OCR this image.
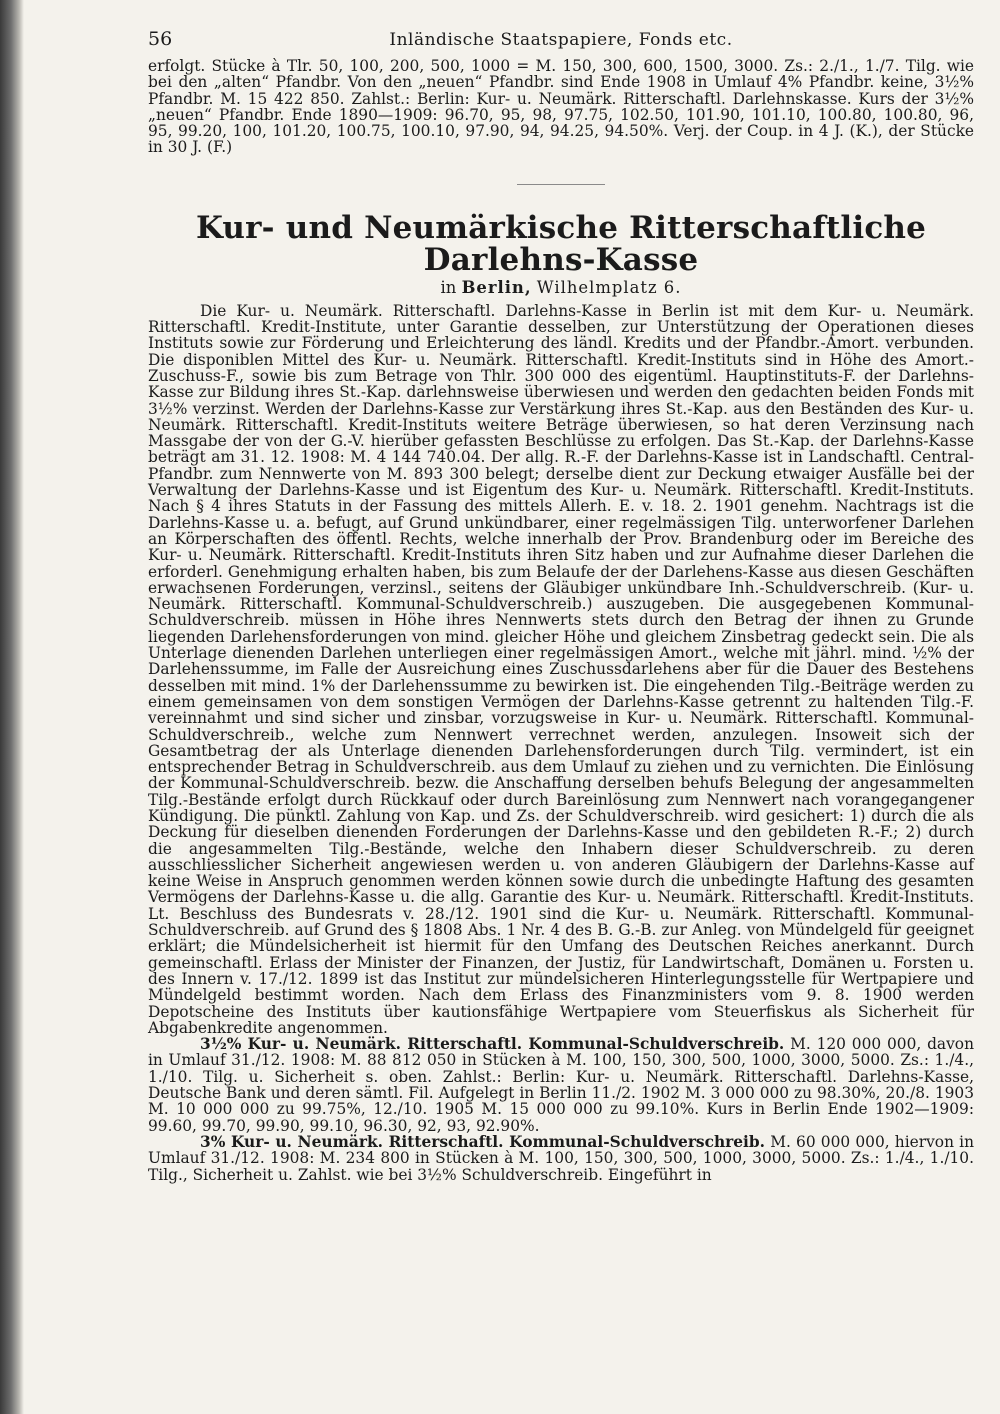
56	Inländische Staatspapiere, Fonds etc.

erfolgt. Stücke à Tlr. 50, 100, 200, 500, 1000 = M. 150, 300, 600, 1500, 3000. Zs.: 2./1., 1./7. Tilg. wie bei den „alten“ Pfandbr. Von den „neuen“ Pfandbr. sind Ende 1908 in Umlauf 4% Pfandbr. keine, 3½% Pfandbr. M. 15 422 850. Zahlst.: Berlin: Kur- u. Neumärk. Ritterschaftl. Darlehnskasse. Kurs der 3½% „neuen“ Pfandbr. Ende 1890—1909: 96.70, 95, 98, 97.75, 102.50, 101.90, 101.10, 100.80, 100.80, 96, 95, 99.20, 100, 101.20, 100.75, 100.10, 97.90, 94, 94.25, 94.50%. Verj. der Coup. in 4 J. (K.), der Stücke in 30 J. (F.)

Kur- und Neumärkische Ritterschaftliche Darlehns-Kasse
in Berlin, Wilhelmplatz 6.

Die Kur- u. Neumärk. Ritterschaftl. Darlehns-Kasse in Berlin ist mit dem Kur- u. Neumärk. Ritterschaftl. Kredit-Institute, unter Garantie desselben, zur Unterstützung der Operationen dieses Instituts sowie zur Förderung und Erleichterung des ländl. Kredits und der Pfandbr.-Amort. verbunden. Die disponiblen Mittel des Kur- u. Neumärk. Ritterschaftl. Kredit-Instituts sind in Höhe des Amort.-Zuschuss-F., sowie bis zum Betrage von Thlr. 300 000 des eigentüml. Hauptinstituts-F. der Darlehns-Kasse zur Bildung ihres St.-Kap. darlehnsweise überwiesen und werden den gedachten beiden Fonds mit 3½% verzinst. Werden der Darlehns-Kasse zur Verstärkung ihres St.-Kap. aus den Beständen des Kur- u. Neumärk. Ritterschaftl. Kredit-Instituts weitere Beträge überwiesen, so hat deren Verzinsung nach Massgabe der von der G.-V. hierüber gefassten Beschlüsse zu erfolgen. Das St.-Kap. der Darlehns-Kasse beträgt am 31. 12. 1908: M. 4 144 740.04. Der allg. R.-F. der Darlehns-Kasse ist in Landschaftl. Central-Pfandbr. zum Nennwerte von M. 893 300 belegt; derselbe dient zur Deckung etwaiger Ausfälle bei der Verwaltung der Darlehns-Kasse und ist Eigentum des Kur- u. Neumärk. Ritterschaftl. Kredit-Instituts. Nach § 4 ihres Statuts in der Fassung des mittels Allerh. E. v. 18. 2. 1901 genehm. Nachtrags ist die Darlehns-Kasse u. a. befugt, auf Grund unkündbarer, einer regelmässigen Tilg. unterworfener Darlehen an Körperschaften des öffentl. Rechts, welche innerhalb der Prov. Brandenburg oder im Bereiche des Kur- u. Neumärk. Ritterschaftl. Kredit-Instituts ihren Sitz haben und zur Aufnahme dieser Darlehen die erforderl. Genehmigung erhalten haben, bis zum Belaufe der der Darlehens-Kasse aus diesen Geschäften erwachsenen Forderungen, verzinsl., seitens der Gläubiger unkündbare Inh.-Schuldverschreib. (Kur- u. Neumärk. Ritterschaftl. Kommunal-Schuldverschreib.) auszugeben. Die ausgegebenen Kommunal-Schuldverschreib. müssen in Höhe ihres Nennwerts stets durch den Betrag der ihnen zu Grunde liegenden Darlehensforderungen von mind. gleicher Höhe und gleichem Zinsbetrag gedeckt sein. Die als Unterlage dienenden Darlehen unterliegen einer regelmässigen Amort., welche mit jährl. mind. ½% der Darlehenssumme, im Falle der Ausreichung eines Zuschussdarlehens aber für die Dauer des Bestehens desselben mit mind. 1% der Darlehenssumme zu bewirken ist. Die eingehenden Tilg.-Beiträge werden zu einem gemeinsamen von dem sonstigen Vermögen der Darlehns-Kasse getrennt zu haltenden Tilg.-F. vereinnahmt und sind sicher und zinsbar, vorzugsweise in Kur- u. Neumärk. Ritterschaftl. Kommunal-Schuldverschreib., welche zum Nennwert verrechnet werden, anzulegen. Insoweit sich der Gesamtbetrag der als Unterlage dienenden Darlehensforderungen durch Tilg. vermindert, ist ein entsprechender Betrag in Schuldverschreib. aus dem Umlauf zu ziehen und zu vernichten. Die Einlösung der Kommunal-Schuldverschreib. bezw. die Anschaffung derselben behufs Belegung der angesammelten Tilg.-Bestände erfolgt durch Rückkauf oder durch Bareinlösung zum Nennwert nach vorangegangener Kündigung. Die pünktl. Zahlung von Kap. und Zs. der Schuldverschreib. wird gesichert: 1) durch die als Deckung für dieselben dienenden Forderungen der Darlehns-Kasse und den gebildeten R.-F.; 2) durch die angesammelten Tilg.-Bestände, welche den Inhabern dieser Schuldverschreib. zu deren ausschliesslicher Sicherheit angewiesen werden u. von anderen Gläubigern der Darlehns-Kasse auf keine Weise in Anspruch genommen werden können sowie durch die unbedingte Haftung des gesamten Vermögens der Darlehns-Kasse u. die allg. Garantie des Kur- u. Neumärk. Ritterschaftl. Kredit-Instituts. Lt. Beschluss des Bundesrats v. 28./12. 1901 sind die Kur- u. Neumärk. Ritterschaftl. Kommunal-Schuldverschreib. auf Grund des § 1808 Abs. 1 Nr. 4 des B. G.-B. zur Anleg. von Mündelgeld für geeignet erklärt; die Mündelsicherheit ist hiermit für den Umfang des Deutschen Reiches anerkannt. Durch gemeinschaftl. Erlass der Minister der Finanzen, der Justiz, für Landwirtschaft, Domänen u. Forsten u. des Innern v. 17./12. 1899 ist das Institut zur mündelsicheren Hinterlegungsstelle für Wertpapiere und Mündelgeld bestimmt worden. Nach dem Erlass des Finanzministers vom 9. 8. 1900 werden Depotscheine des Instituts über kautionsfähige Wertpapiere vom Steuerfiskus als Sicherheit für Abgabenkredite angenommen.

3½% Kur- u. Neumärk. Ritterschaftl. Kommunal-Schuldverschreib. M. 120 000 000, davon in Umlauf 31./12. 1908: M. 88 812 050 in Stücken à M. 100, 150, 300, 500, 1000, 3000, 5000. Zs.: 1./4., 1./10. Tilg. u. Sicherheit s. oben. Zahlst.: Berlin: Kur- u. Neumärk. Ritterschaftl. Darlehns-Kasse, Deutsche Bank und deren sämtl. Fil. Aufgelegt in Berlin 11./2. 1902 M. 3 000 000 zu 98.30%, 20./8. 1903 M. 10 000 000 zu 99.75%, 12./10. 1905 M. 15 000 000 zu 99.10%. Kurs in Berlin Ende 1902—1909: 99.60, 99.70, 99.90, 99.10, 96.30, 92, 93, 92.90%.

3% Kur- u. Neumärk. Ritterschaftl. Kommunal-Schuldverschreib. M. 60 000 000, hiervon in Umlauf 31./12. 1908: M. 234 800 in Stücken à M. 100, 150, 300, 500, 1000, 3000, 5000. Zs.: 1./4., 1./10. Tilg., Sicherheit u. Zahlst. wie bei 3½% Schuldverschreib. Eingeführt in
